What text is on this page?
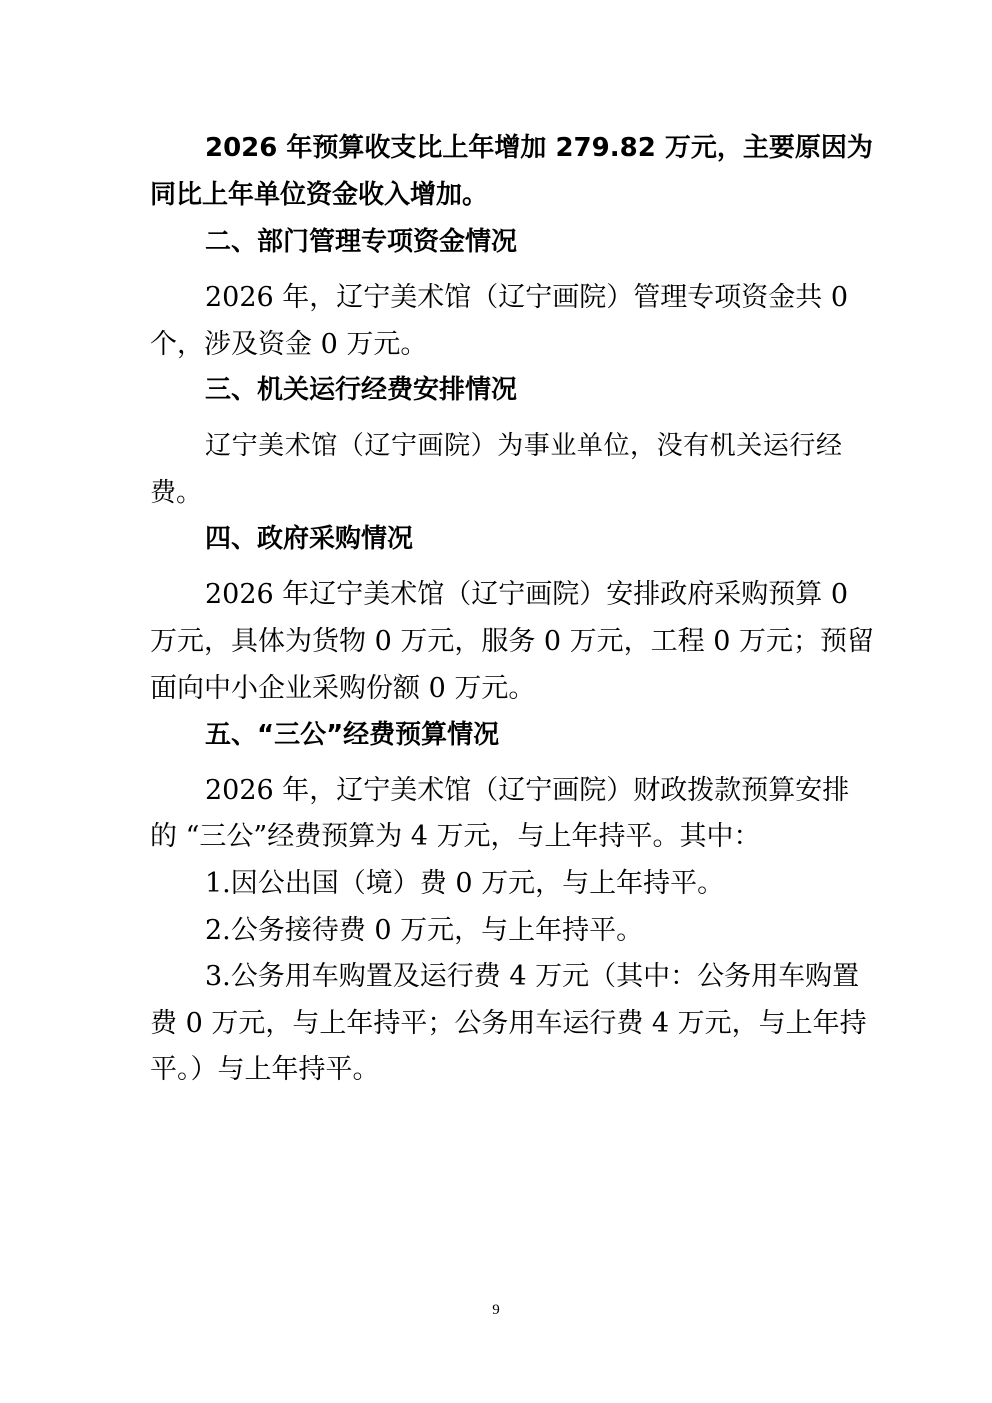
2026 年预算收支比上年增加 279.82 万元，主要原因为
同比上年单位资金收入增加。
二、部门管理专项资金情况
2026 年，辽宁美术馆（辽宁画院）管理专项资金共 0
个，涉及资金 0 万元。
三、机关运行经费安排情况
辽宁美术馆（辽宁画院）为事业单位，没有机关运行经
费。
四、政府采购情况
2026 年辽宁美术馆（辽宁画院）安排政府采购预算 0
万元，具体为货物 0 万元，服务 0 万元，工程 0 万元；预留
面向中小企业采购份额 0 万元。
五、“三公”经费预算情况
2026 年，辽宁美术馆（辽宁画院）财政拨款预算安排
的 “三公”经费预算为 4 万元，与上年持平。其中：
1.因公出国（境）费 0 万元，与上年持平。
2.公务接待费 0 万元，与上年持平。
3.公务用车购置及运行费 4 万元（其中：公务用车购置
费 0 万元，与上年持平；公务用车运行费 4 万元，与上年持
平。）与上年持平。
9
